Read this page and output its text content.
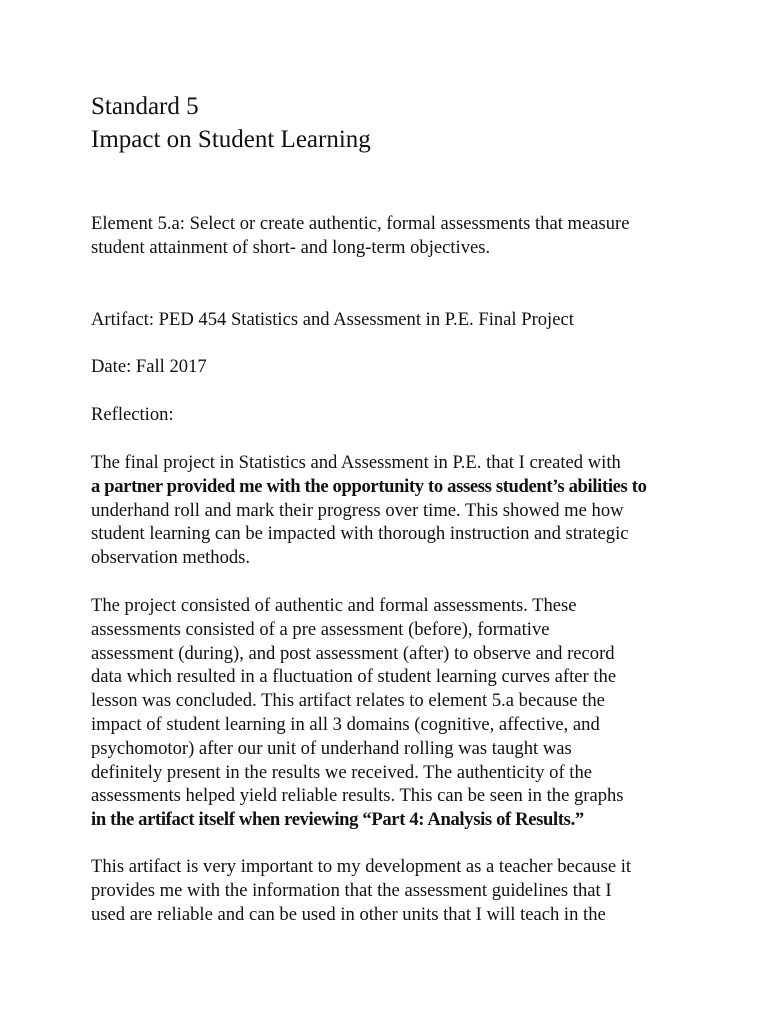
Standard 5

Impact on Student Learning

Element 5.a: Select or create authentic, formal assessments that measure
student attainment of short- and long-term objectives.

Artifact: PED 454 Statistics and Assessment in P.E. Final Project

Date: Fall 2017

Reflection:

The final project in Statistics and Assessment in P.E. that I created with
a partner provided me with the opportunity to assess student’s abilities to
underhand roll and mark their progress over time. This showed me how
student learning can be impacted with thorough instruction and strategic
observation methods.

The project consisted of authentic and formal assessments. These
assessments consisted of a pre assessment (before), formative
assessment (during), and post assessment (after) to observe and record
data which resulted in a fluctuation of student learning curves after the
lesson was concluded. This artifact relates to element 5.a because the
impact of student learning in all 3 domains (cognitive, affective, and
psychomotor) after our unit of underhand rolling was taught was
definitely present in the results we received. The authenticity of the
assessments helped yield reliable results. This can be seen in the graphs
in the artifact itself when reviewing “Part 4: Analysis of Results.”

This artifact is very important to my development as a teacher because it
provides me with the information that the assessment guidelines that I
used are reliable and can be used in other units that I will teach in the
